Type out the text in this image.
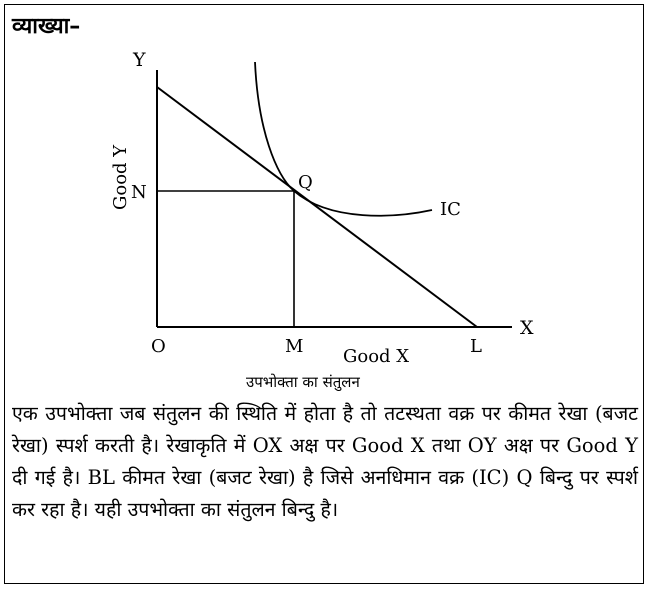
व्याख्या–
Y
X
O
N
M	L
Q
IC
Good Y
Good X
उपभोक्ता का संतुलन
एक उपभोक्ता जब संतुलन की स्थिति में होता है तो तटस्थता वक्र पर कीमत रेखा (बजट रेखा) स्पर्श करती है। रेखाकृति में OX अक्ष पर Good X तथा OY अक्ष पर Good Y दी गई है। BL कीमत रेखा (बजट रेखा) है जिसे अनधिमान वक्र (IC) Q बिन्दु पर स्पर्श कर रहा है। यही उपभोक्ता का संतुलन बिन्दु है।
